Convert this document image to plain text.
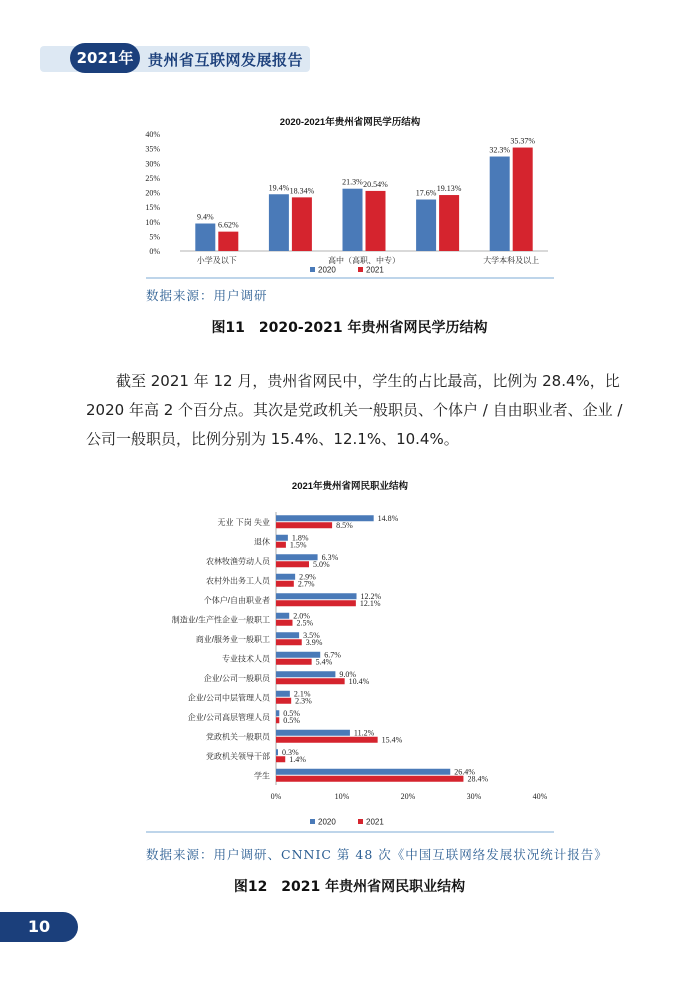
2021年 贵州省互联网发展报告
2020-2021年贵州省网民学历结构
0%
5%
10%
15%
20%
25%
30%
35%
40%
9.4%
6.62%
小学及以下
19.4% 18.34%
21.3% 20.54%
高中（高职、中专）
17.6% 19.13%
32.3%
35.37%
大学本科及以上
2020	2021
数据来源：用户调研
图11　2020-2021 年贵州省网民学历结构

截至 2021 年 12 月，贵州省网民中，学生的占比最高，比例为 28.4%，比 2020 年高 2 个百分点。其次是党政机关一般职员、个体户 / 自由职业者、企业 / 公司一般职员，比例分别为 15.4%、12.1%、10.4%。

2021年贵州省网民职业结构
0%	10%	20%	30%	40%
无业 下岗 失业	14.8%
8.5%
退休	1.8%
1.5%
农林牧渔劳动人员	6.3%
5.0%
农村外出务工人员	2.9%
2.7%
个体户/自由职业者	12.2%
12.1%
制造业/生产性企业一般职工	2.0%
2.5%
商业/服务业一般职工	3.5%
3.9%
专业技术人员	6.7%
5.4%
企业/公司一般职员	9.0%
10.4%
企业/公司中层管理人员	2.1%
2.3%
企业/公司高层管理人员 0.5%
0.5%
党政机关一般职员	11.2%
15.4%
党政机关领导干部 0.3%
1.4%
学生	26.4%
28.4%
2020	2021
数据来源：用户调研、CNNIC 第 48 次《中国互联网络发展状况统计报告》
图12　2021 年贵州省网民职业结构
10
